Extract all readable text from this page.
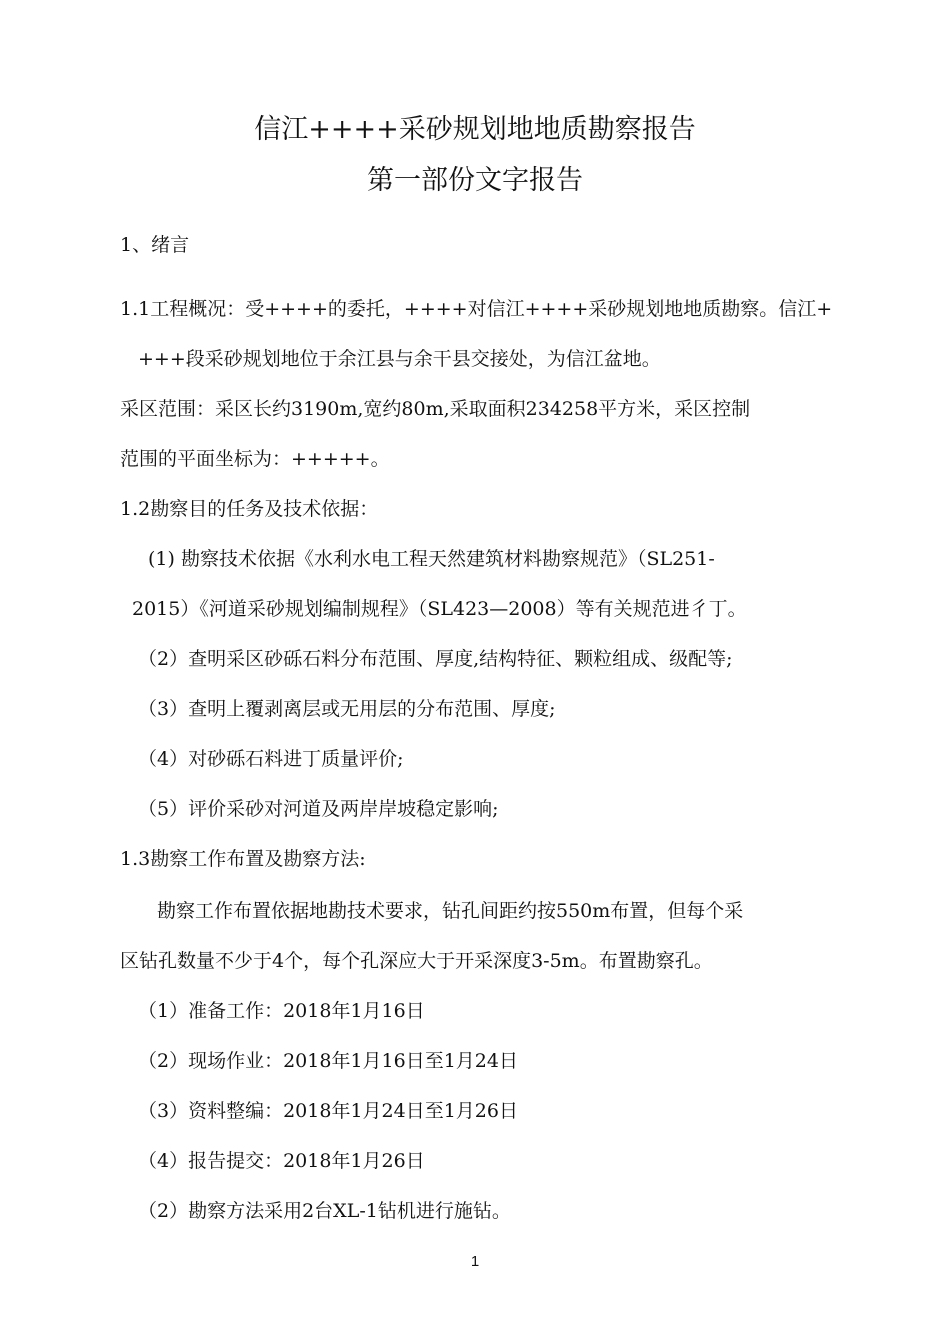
信江++++采砂规划地地质勘察报告
第一部份文字报告
1、绪言
1.1工程概况：受++++的委托，++++对信江++++采砂规划地地质勘察。信江+
+++段采砂规划地位于余江县与余干县交接处，为信江盆地。
采区范围：采区长约3190m,宽约80m,采取面积234258平方米，采区控制
范围的平面坐标为：+++++。
1.2勘察目的任务及技术依据：
(1) 勘察技术依据《水利水电工程天然建筑材料勘察规范》（SL251-
2015）《河道采砂规划编制规程》（SL423—2008）等有关规范进彳丁。
（2）查明采区砂砾石料分布范围、厚度,结构特征、颗粒组成、级配等;
（3）查明上覆剥离层或无用层的分布范围、厚度;
（4）对砂砾石料进丁质量评价;
（5）评价采砂对河道及两岸岸坡稳定影响;
1.3勘察工作布置及勘察方法:
勘察工作布置依据地勘技术要求，钻孔间距约按550m布置，但每个采
区钻孔数量不少于4个，每个孔深应大于开采深度3-5m。布置勘察孔。
（1）准备工作：2018年1月16日
（2）现场作业：2018年1月16日至1月24日
（3）资料整编：2018年1月24日至1月26日
（4）报告提交：2018年1月26日
（2）勘察方法采用2台XL-1钻机进行施钻。
1
